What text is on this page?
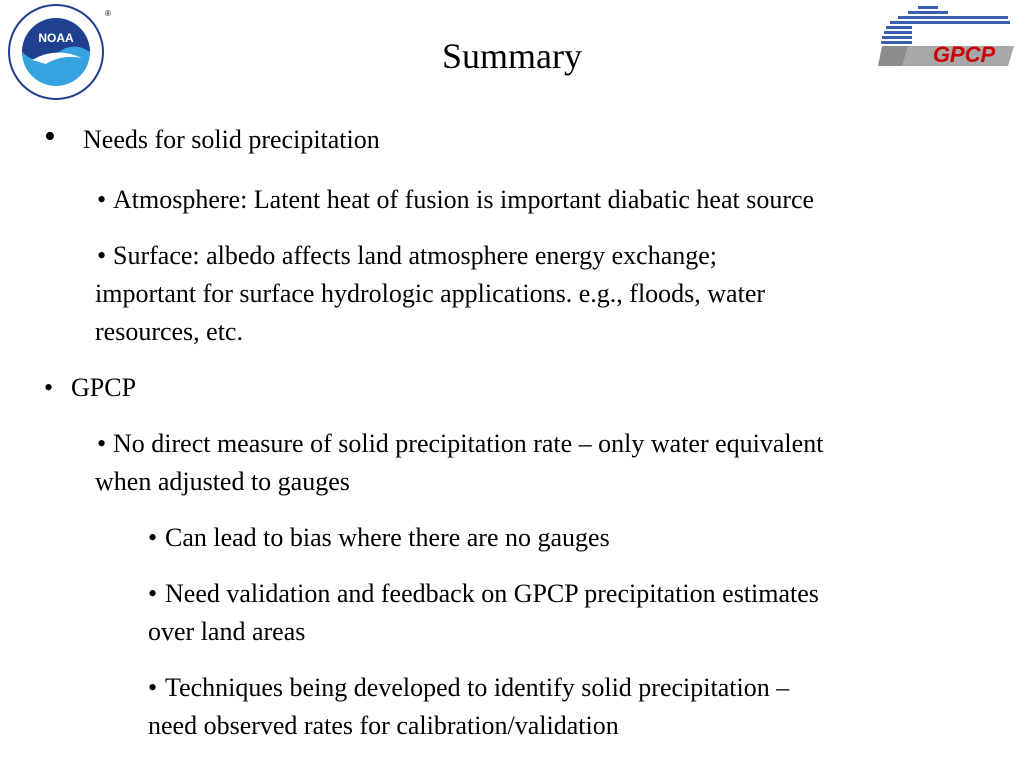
NOAA
®
Summary	GPCP
• Needs for solid precipitation
• Atmosphere: Latent heat of fusion is important diabatic heat source
• Surface: albedo affects land atmosphere energy exchange;
important for surface hydrologic applications. e.g., floods, water
resources, etc.
• GPCP
• No direct measure of solid precipitation rate – only water equivalent
when adjusted to gauges
• Can lead to bias where there are no gauges
• Need validation and feedback on GPCP precipitation estimates
over land areas
• Techniques being developed to identify solid precipitation –
need observed rates for calibration/validation
